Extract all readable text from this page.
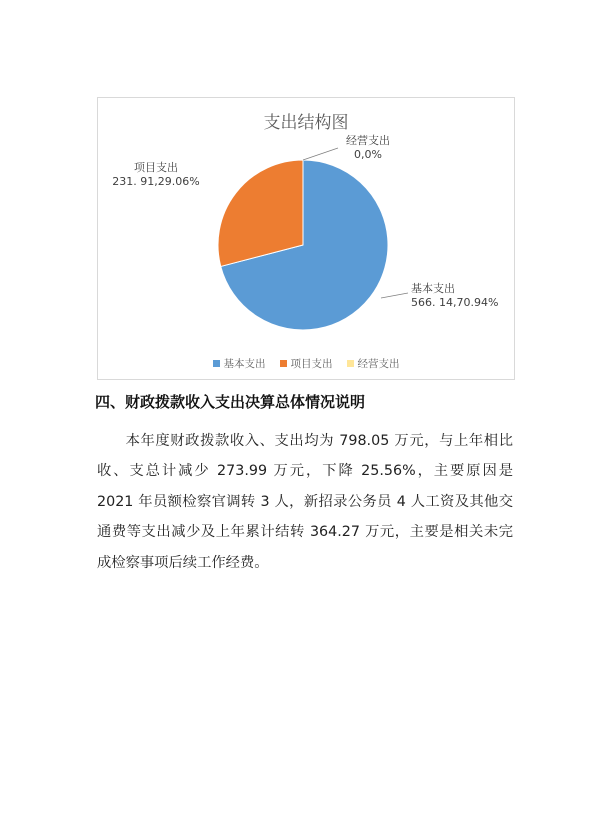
支出结构图
基本支出 566. 14,70.94%
项目支出 231. 91,29.06%
经营支出 0,0%
基本支出 项目支出 经营支出
四、财政拨款收入支出决算总体情况说明
本年度财政拨款收入、支出均为 798.05 万元，与上年相比收、支总计减少 273.99 万元，下降 25.56%，主要原因是 2021 年员额检察官调转 3 人，新招录公务员 4 人工资及其他交通费等支出减少及上年累计结转 364.27 万元，主要是相关未完成检察事项后续工作经费。
